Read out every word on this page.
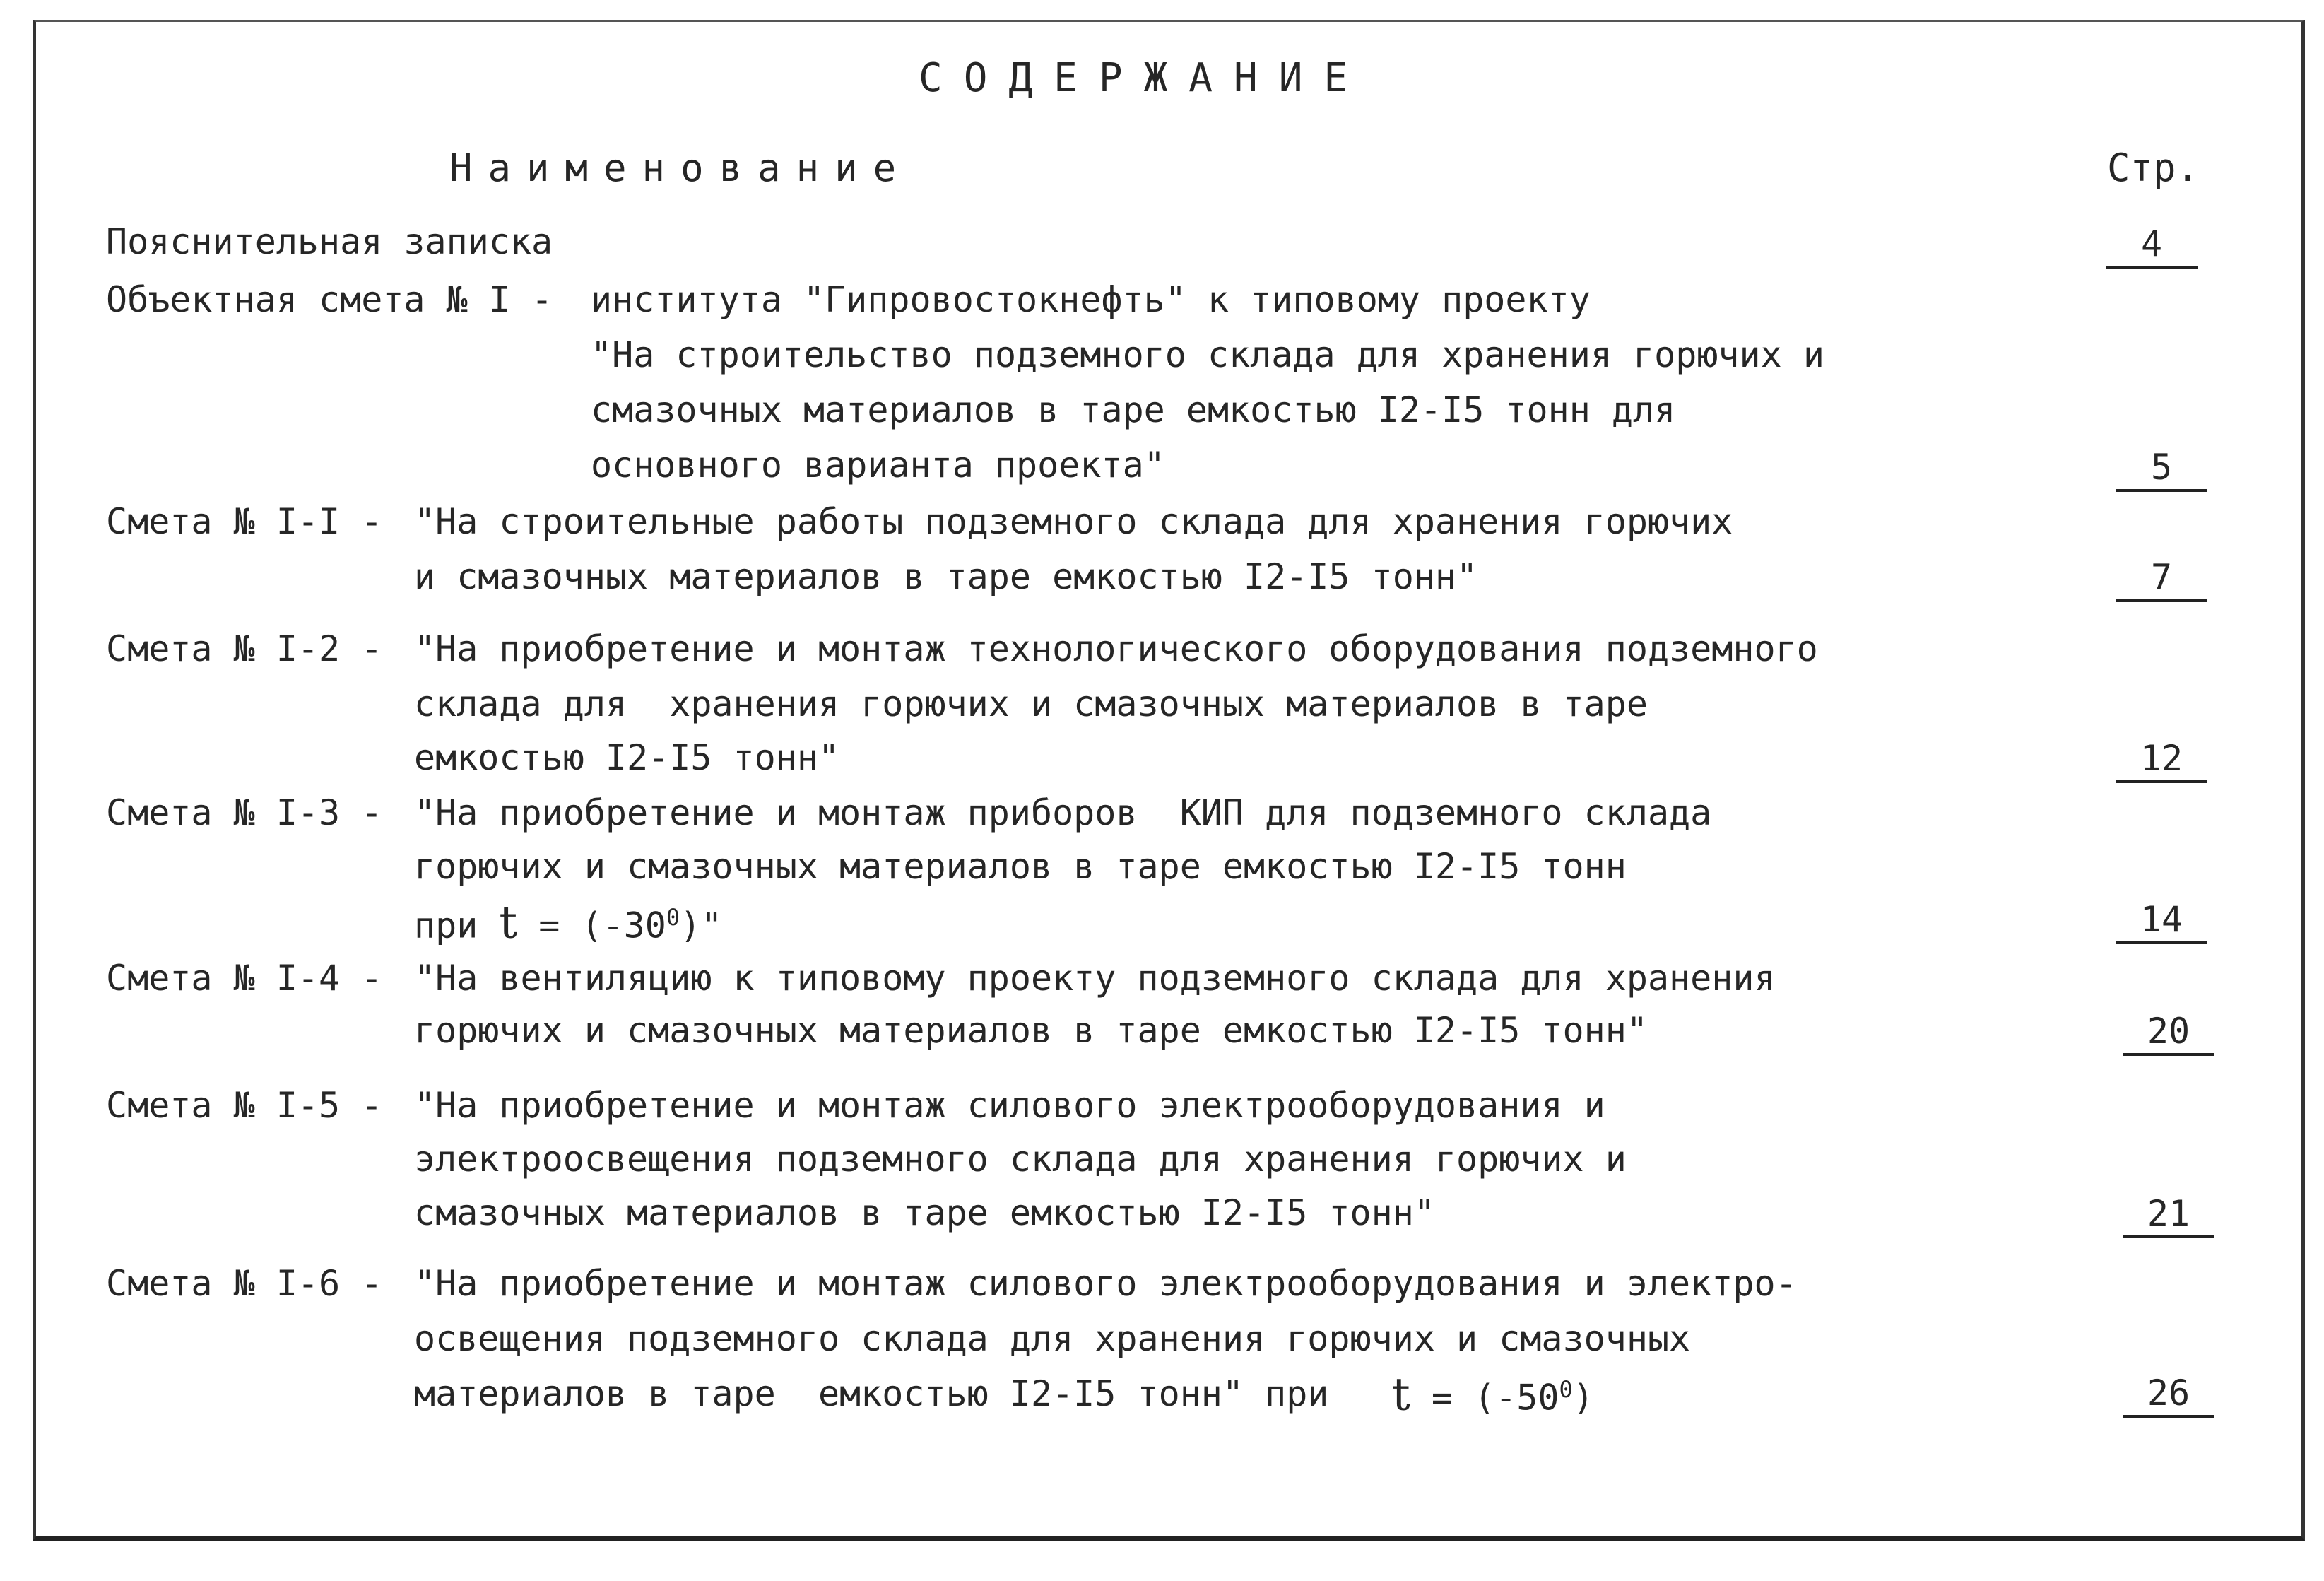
СОДЕРЖАНИЕ
Наименование	Стр.
Пояснительная записка	4
Объектная смета № I - института "Гипровостокнефть" к типовому проекту
"На строительство подземного склада для хранения горючих и
смазочных материалов в таре емкостью I2-I5 тонн для
основного варианта проекта"	5
Смета № I-I - "На строительные работы подземного склада для хранения горючих
и смазочных материалов в таре емкостью I2-I5 тонн"	7
Смета № I-2 - "На приобретение и монтаж технологического оборудования подземного
склада для  хранения горючих и смазочных материалов в таре
емкостью I2-I5 тонн"	12
Смета № I-3 - "На приобретение и монтаж приборов  КИП для подземного склада
горючих и смазочных материалов в таре емкостью I2-I5 тонн
при $t = (-30^0)$"	14
Смета № I-4 - "На вентиляцию к типовому проекту подземного склада для хранения
горючих и смазочных материалов в таре емкостью I2-I5 тонн"	20
Смета № I-5 - "На приобретение и монтаж силового электрооборудования и
электроосвещения подземного склада для хранения горючих и
смазочных материалов в таре емкостью I2-I5 тонн"	21
Смета № I-6 - "На приобретение и монтаж силового электрооборудования и электро-
освещения подземного склада для хранения горючих и смазочных
материалов в таре  емкостью I2-I5 тонн" при $t = (-50^0)$	26
